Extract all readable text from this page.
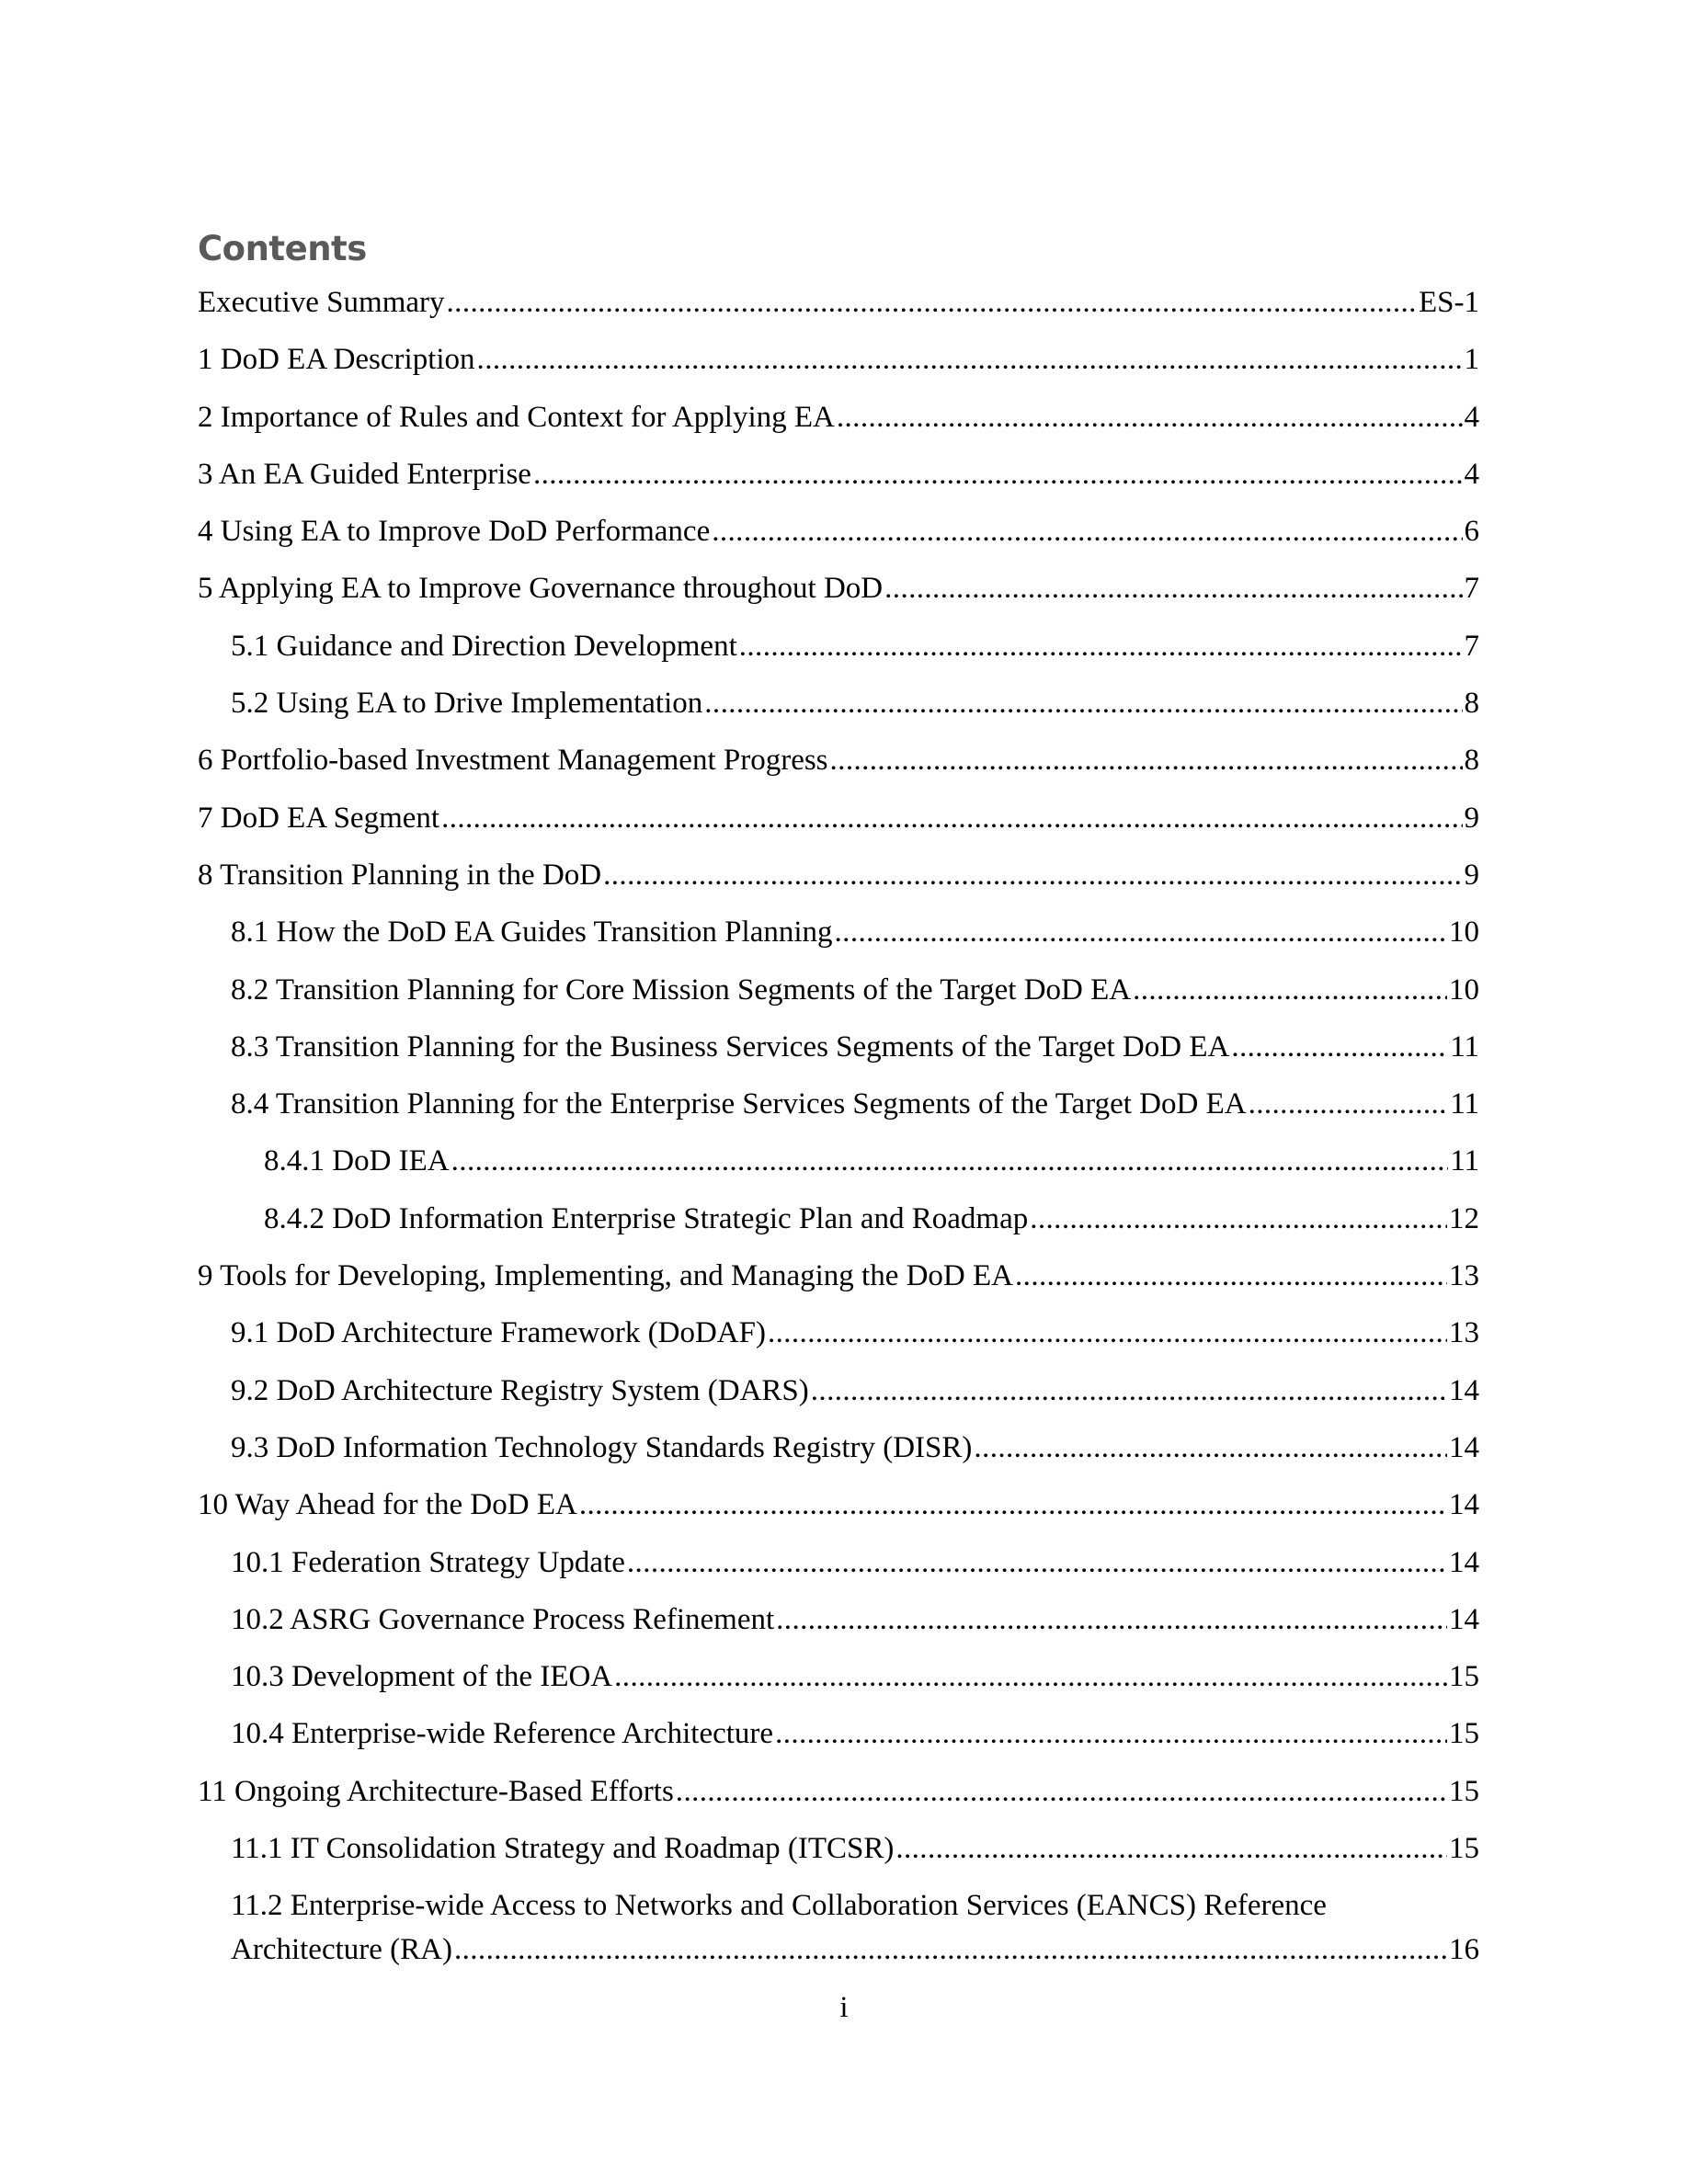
Contents
Executive Summary .....	ES-1
1 DoD EA Description .....	1
2 Importance of Rules and Context for Applying EA .....	4
3 An EA Guided Enterprise .....	4
4 Using EA to Improve DoD Performance .....	6
5 Applying EA to Improve Governance throughout DoD .....	7
5.1 Guidance and Direction Development .....	7
5.2 Using EA to Drive Implementation .....	8
6 Portfolio-based Investment Management Progress .....	8
7 DoD EA Segment .....	9
8 Transition Planning in the DoD .....	9
8.1 How the DoD EA Guides Transition Planning .....	10
8.2 Transition Planning for Core Mission Segments of the Target DoD EA .....	10
8.3 Transition Planning for the Business Services Segments of the Target DoD EA .....	11
8.4 Transition Planning for the Enterprise Services Segments of the Target DoD EA .....	11
8.4.1 DoD IEA .....	11
8.4.2 DoD Information Enterprise Strategic Plan and Roadmap .....	12
9 Tools for Developing, Implementing, and Managing the DoD EA .....	13
9.1 DoD Architecture Framework (DoDAF) .....	13
9.2 DoD Architecture Registry System (DARS) .....	14
9.3 DoD Information Technology Standards Registry (DISR) .....	14
10 Way Ahead for the DoD EA .....	14
10.1 Federation Strategy Update .....	14
10.2 ASRG Governance Process Refinement .....	14
10.3 Development of the IEOA .....	15
10.4 Enterprise-wide Reference Architecture .....	15
11 Ongoing Architecture-Based Efforts .....	15
11.1 IT Consolidation Strategy and Roadmap (ITCSR) .....	15
11.2 Enterprise-wide Access to Networks and Collaboration Services (EANCS) Reference
Architecture (RA) .....	16
i
